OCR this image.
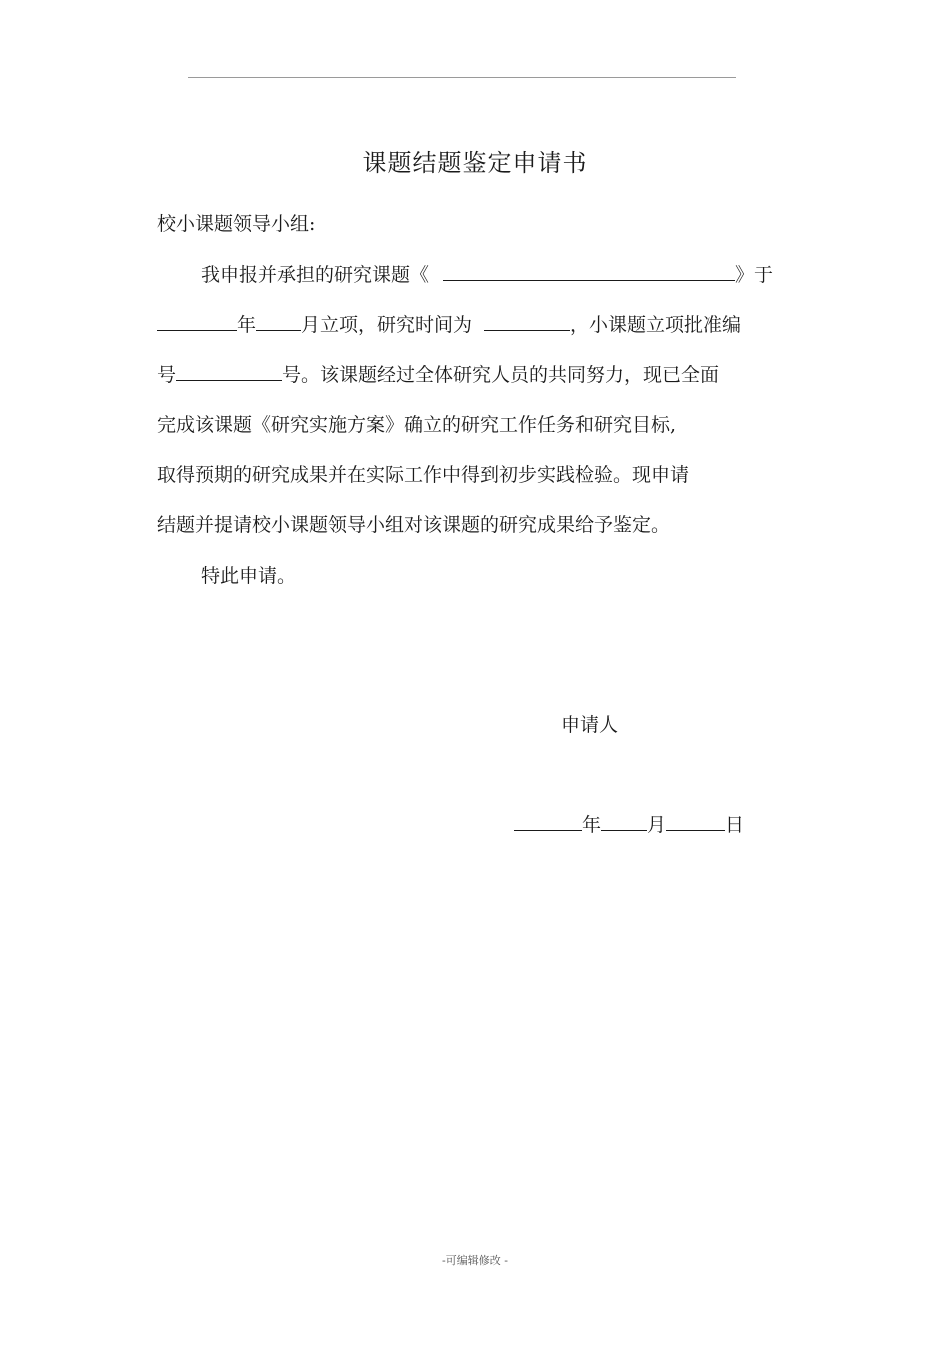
课题结题鉴定申请书
校小课题领导小组:
我申报并承担的研究课题《	》于
年 月立项，研究时间为	，小课题立项批准编
号	号。该课题经过全体研究人员的共同努力，现已全面
完成该课题《研究实施方案》确立的研究工作任务和研究目标,
取得预期的研究成果并在实际工作中得到初步实践检验。现申请
结题并提请校小课题领导小组对该课题的研究成果给予鉴定。
特此申请。
申请人
年 月	日
-可编辑修改 -
